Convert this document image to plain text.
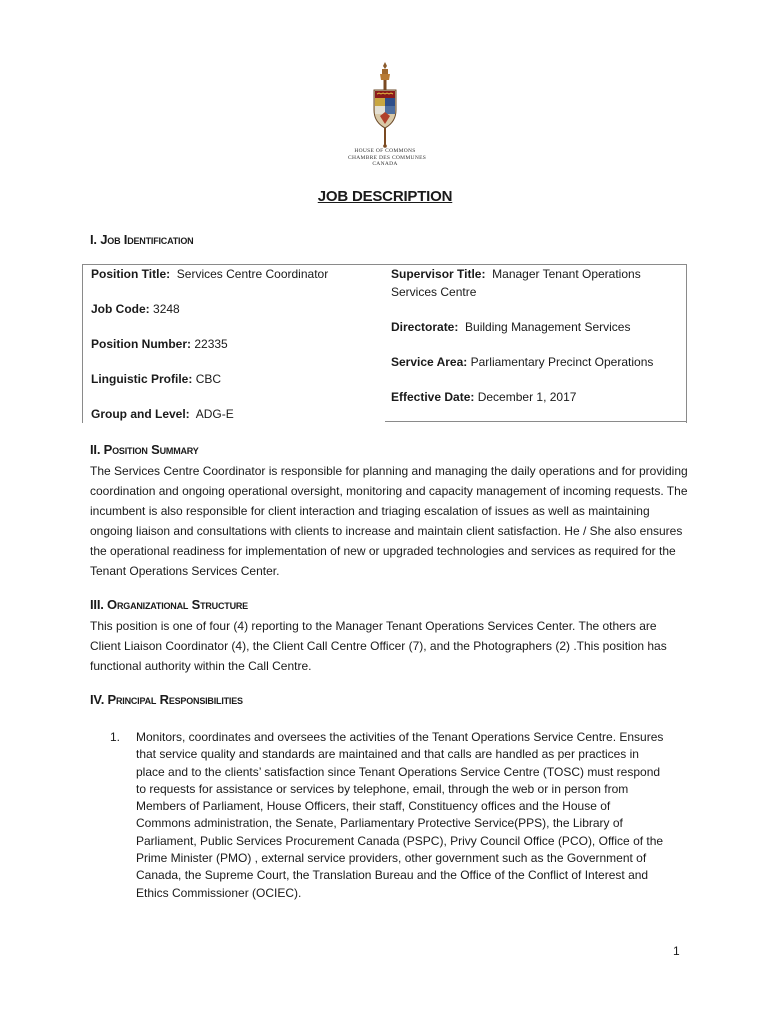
HOUSE OF COMMONS
CHAMBRE DES COMMUNES
CANADA
JOB DESCRIPTION
I. Job Identification
Position Title: Services Centre Coordinator
Job Code: 3248
Position Number: 22335
Linguistic Profile: CBC
Group and Level: ADG-E
Supervisor Title: Manager Tenant Operations Services Centre
Directorate: Building Management Services
Service Area: Parliamentary Precinct Operations
Effective Date: December 1, 2017
II. Position Summary
The Services Centre Coordinator is responsible for planning and managing the daily operations and for providing coordination and ongoing operational oversight, monitoring and capacity management of incoming requests. The incumbent is also responsible for client interaction and triaging escalation of issues as well as maintaining ongoing liaison and consultations with clients to increase and maintain client satisfaction. He / She also ensures the operational readiness for implementation of new or upgraded technologies and services as required for the Tenant Operations Services Center.
III. Organizational Structure
This position is one of four (4) reporting to the Manager Tenant Operations Services Center. The others are Client Liaison Coordinator (4), the Client Call Centre Officer (7), and the Photographers (2) .This position has functional authority within the Call Centre.
IV. Principal Responsibilities
1. Monitors, coordinates and oversees the activities of the Tenant Operations Service Centre. Ensures that service quality and standards are maintained and that calls are handled as per practices in place and to the clients’ satisfaction since Tenant Operations Service Centre (TOSC) must respond to requests for assistance or services by telephone, email, through the web or in person from Members of Parliament, House Officers, their staff, Constituency offices and the House of Commons administration, the Senate, Parliamentary Protective Service(PPS), the Library of Parliament, Public Services Procurement Canada (PSPC), Privy Council Office (PCO), Office of the Prime Minister (PMO) , external service providers, other government such as the Government of Canada, the Supreme Court, the Translation Bureau and the Office of the Conflict of Interest and Ethics Commissioner (OCIEC).
1
